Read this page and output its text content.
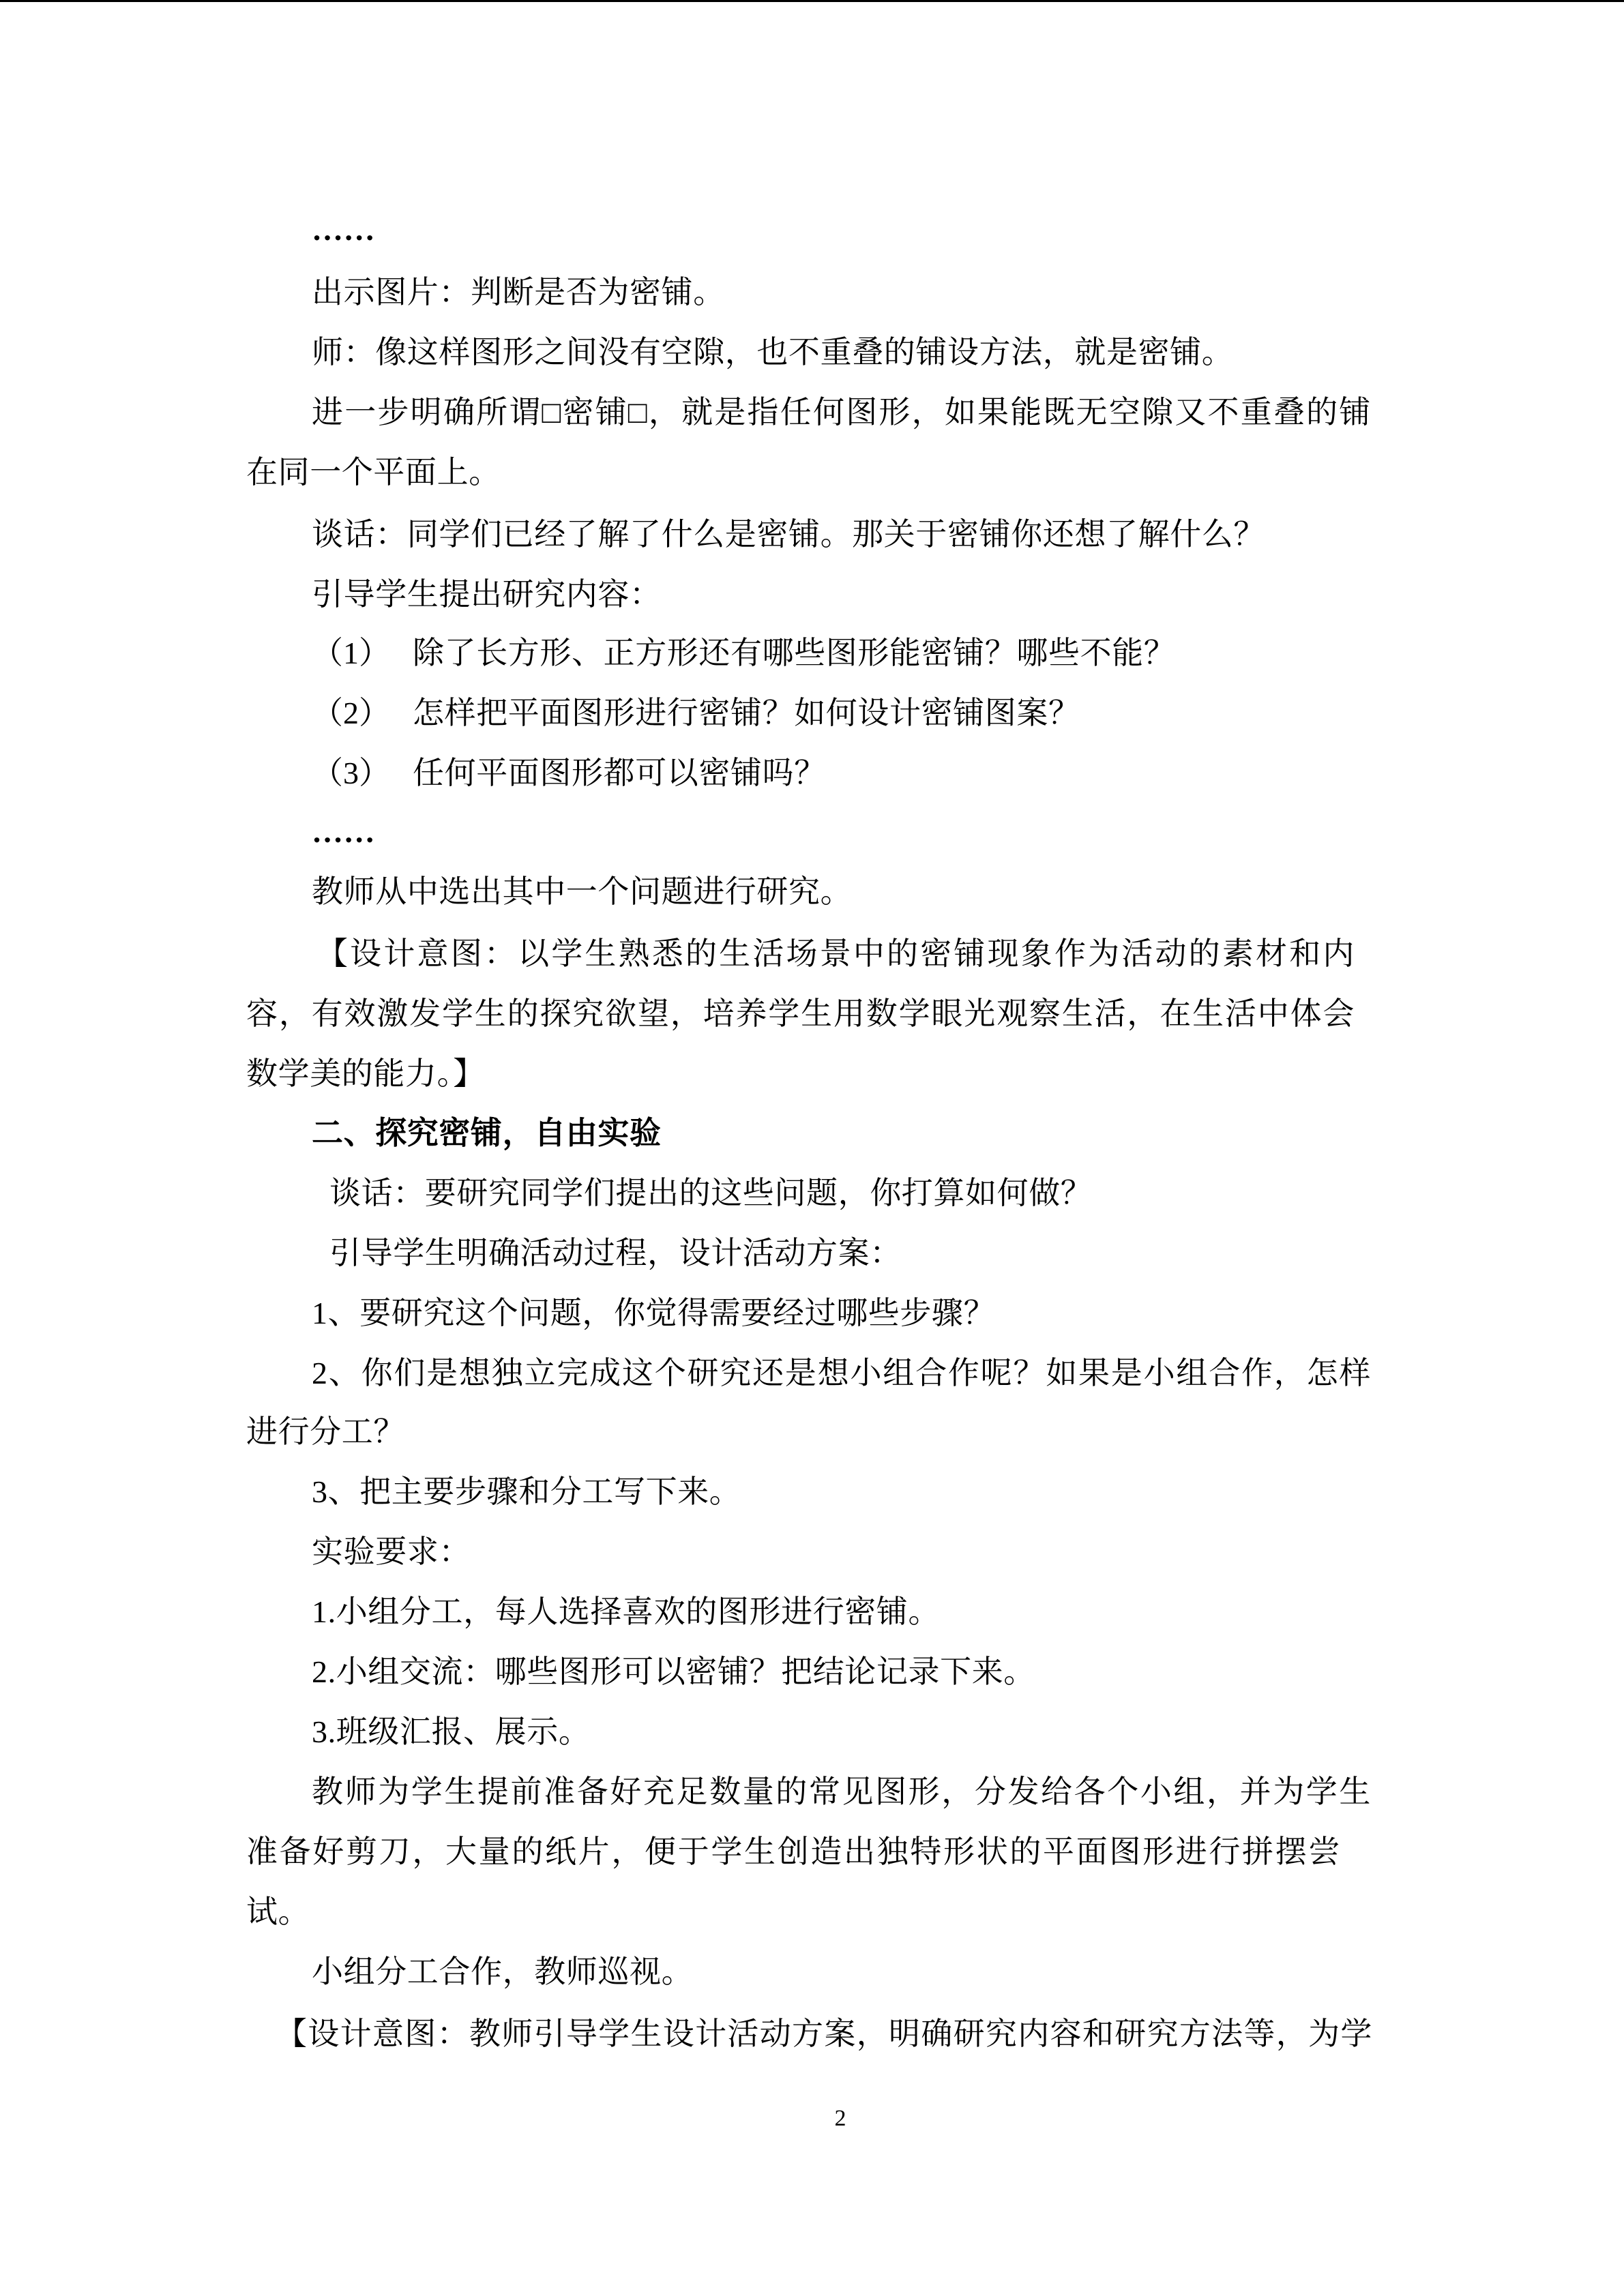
……
出示图片：判断是否为密铺。
师：像这样图形之间没有空隙，也不重叠的铺设方法，就是密铺。
进一步明确所谓□密铺□，就是指任何图形，如果能既无空隙又不重叠的铺
在同一个平面上。
谈话：同学们已经了解了什么是密铺。那关于密铺你还想了解什么？
引导学生提出研究内容：
（1） 除了长方形、正方形还有哪些图形能密铺？哪些不能？
（2） 怎样把平面图形进行密铺？如何设计密铺图案？
（3） 任何平面图形都可以密铺吗？
……
教师从中选出其中一个问题进行研究。
【设计意图：以学生熟悉的生活场景中的密铺现象作为活动的素材和内
容，有效激发学生的探究欲望，培养学生用数学眼光观察生活，在生活中体会
数学美的能力。】
二、探究密铺，自由实验
谈话：要研究同学们提出的这些问题，你打算如何做？
引导学生明确活动过程，设计活动方案：
1、要研究这个问题，你觉得需要经过哪些步骤？
2、你们是想独立完成这个研究还是想小组合作呢？如果是小组合作，怎样
进行分工？
3、把主要步骤和分工写下来。
实验要求：
1.小组分工，每人选择喜欢的图形进行密铺。
2.小组交流：哪些图形可以密铺？把结论记录下来。
3.班级汇报、展示。
教师为学生提前准备好充足数量的常见图形，分发给各个小组，并为学生
准备好剪刀，大量的纸片，便于学生创造出独特形状的平面图形进行拼摆尝
试。
小组分工合作，教师巡视。
【设计意图：教师引导学生设计活动方案，明确研究内容和研究方法等，为学
2
